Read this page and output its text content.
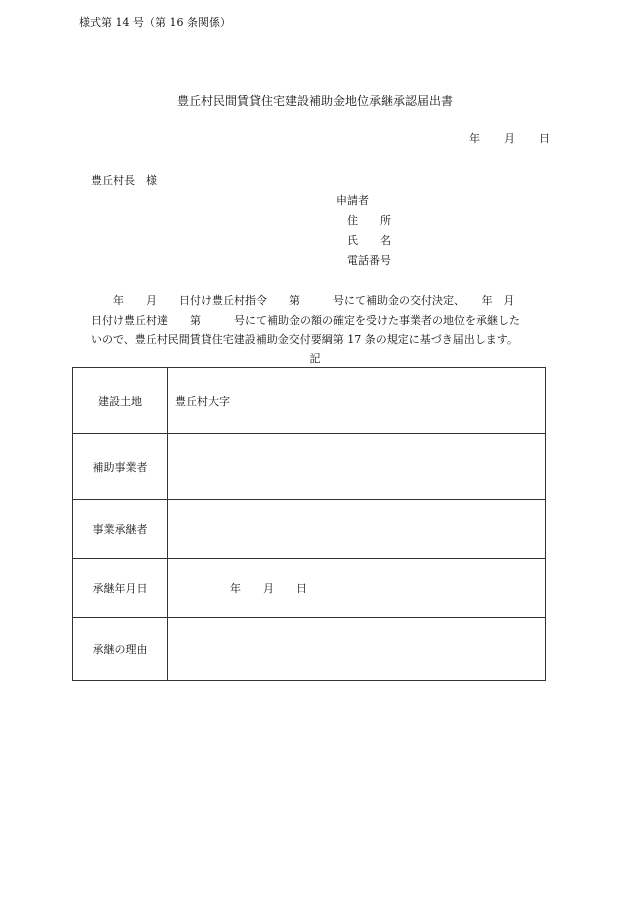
様式第 14 号（第 16 条関係）
豊丘村民間賃貸住宅建設補助金地位承継承認届出書
年 月 日
豊丘村長　様
申請者
住　　所
氏　　名
電話番号
　　年　　月　　日付け豊丘村指令　　第　　　号にて補助金の交付決定、　　年　月
日付け豊丘村達　　第　　　号にて補助金の額の確定を受けた事業者の地位を承継した
いので、豊丘村民間賃貸住宅建設補助金交付要綱第 17 条の規定に基づき届出します。
記
建設土地	豊丘村大字
補助事業者	
事業承継者	
承継年月日	　　　　　年　　月　　日
承継の理由	
